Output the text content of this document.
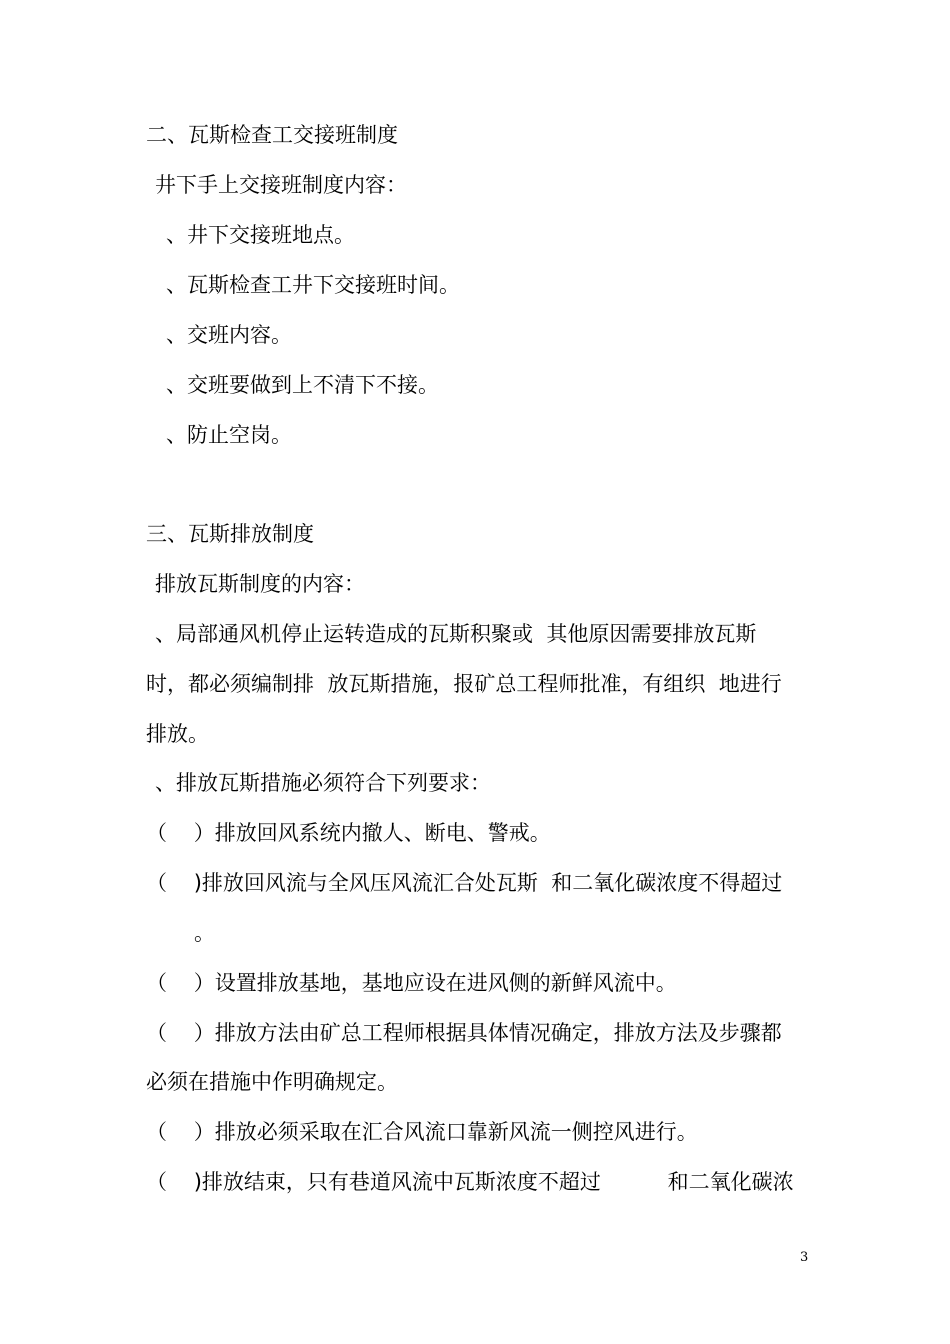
二、瓦斯检查工交接班制度

井下手上交接班制度内容：

、井下交接班地点。

、瓦斯检查工井下交接班时间。

、交班内容。

、交班要做到上不清下不接。

、防止空岗。

三、瓦斯排放制度

排放瓦斯制度的内容：

、局部通风机停止运转造成的瓦斯积聚或  其他原因需要排放瓦斯

时，都必须编制排  放瓦斯措施，报矿总工程师批准，有组织  地进行

排放。

、排放瓦斯措施必须符合下列要求：

（    ）排放回风系统内撤人、断电、警戒。

（    )排放回风流与全风压风流汇合处瓦斯  和二氧化碳浓度不得超过

。

（    ）设置排放基地，基地应设在进风侧的新鲜风流中。

（    ）排放方法由矿总工程师根据具体情况确定，排放方法及步骤都

必须在措施中作明确规定。

（    ）排放必须采取在汇合风流口靠新风流一侧控风进行。

（    )排放结束，只有巷道风流中瓦斯浓度不超过          和二氧化碳浓

3
